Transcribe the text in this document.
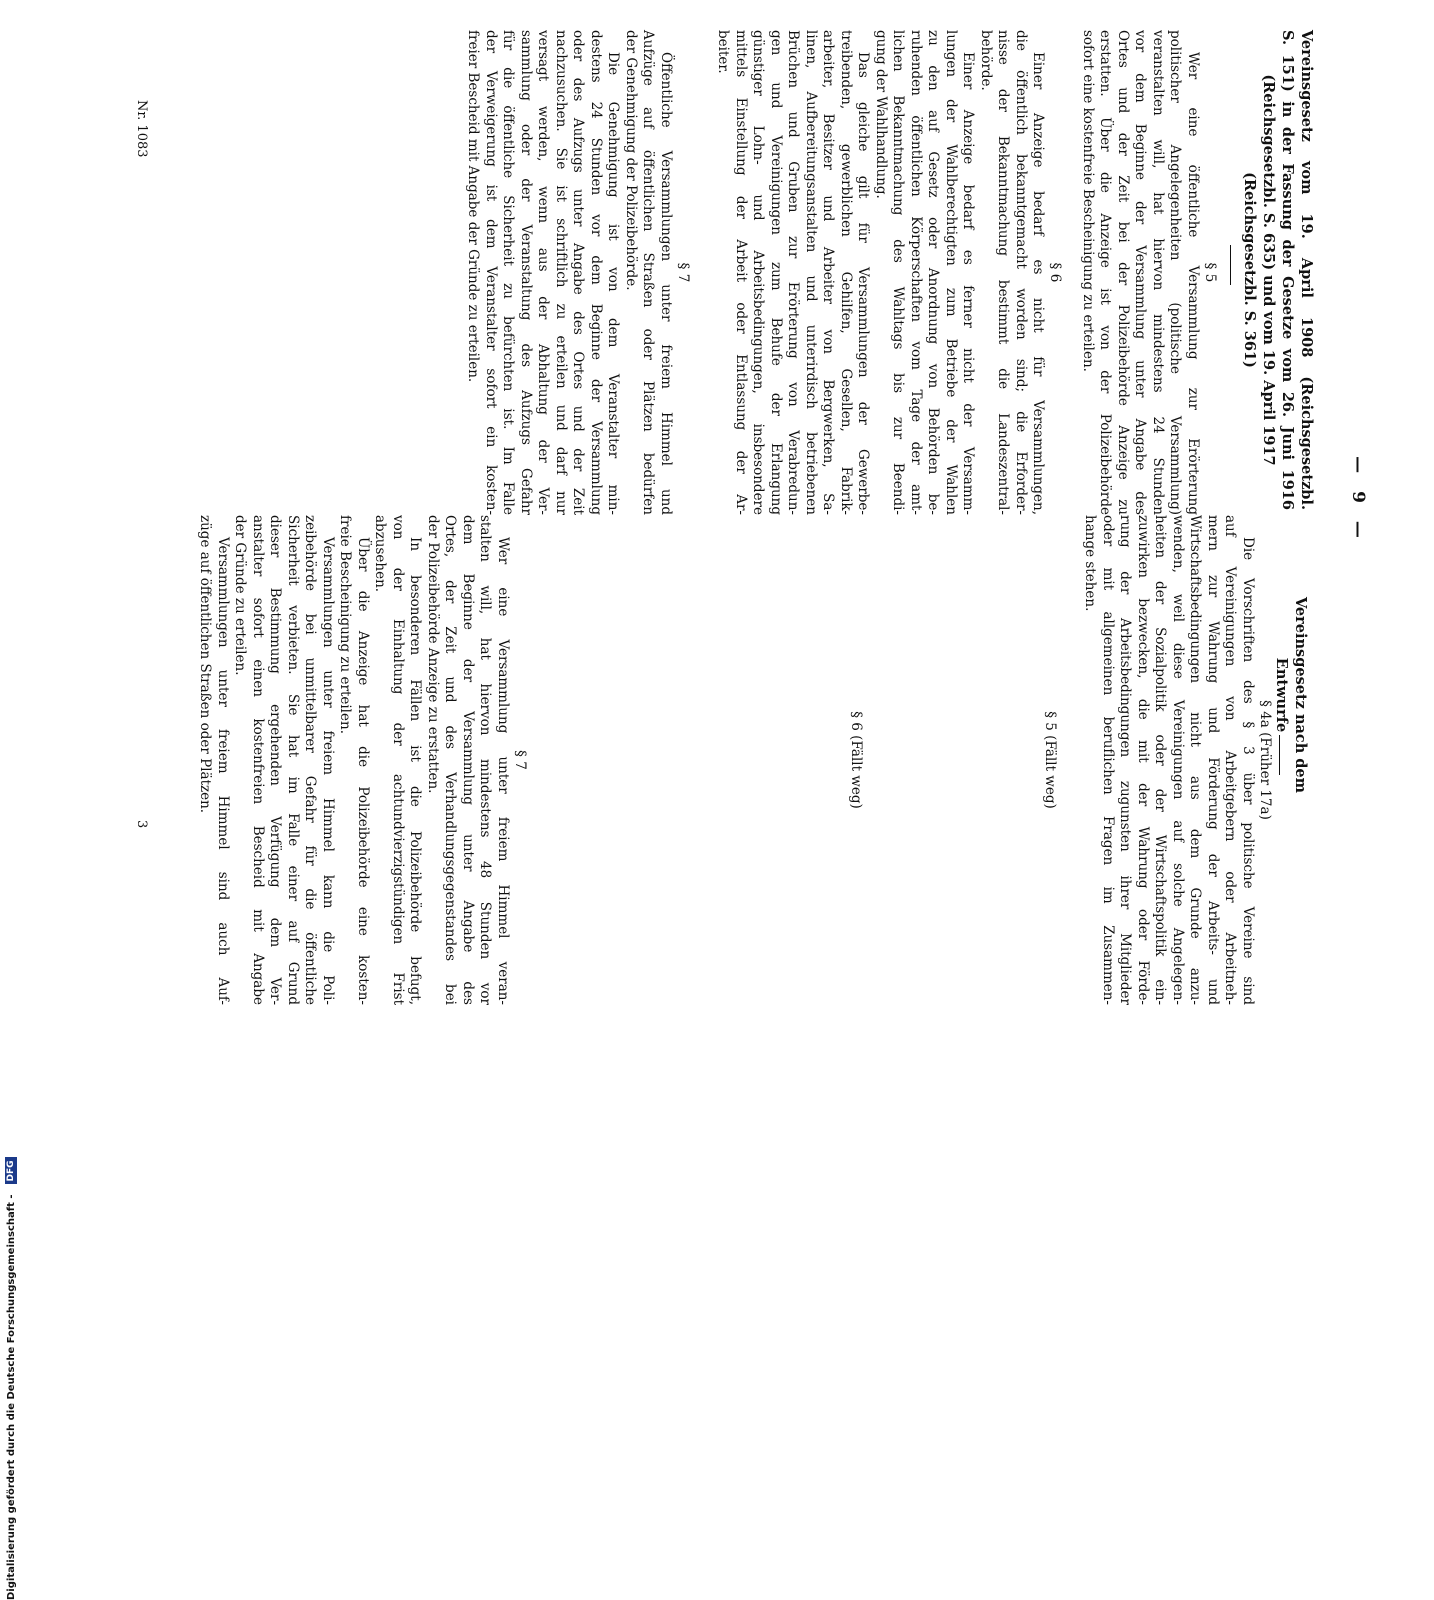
— 9 —
Vereinsgesetz vom 19. April 1908 (Reichsgesetzbl.
S. 151) in der Fassung der Gesetze vom 26. Juni 1916
(Reichsgesetzbl. S. 635) und vom 19. April 1917
(Reichsgesetzbl. S. 361)
Vereinsgesetz nach dem Entwurfe
§ 5
Wer eine öffentliche Versammlung zur Erörterung
politischer Angelegenheiten (politische Versammlung)
veranstalten will, hat hiervon mindestens 24 Stunden
vor dem Beginne der Versammlung unter Angabe des
Ortes und der Zeit bei der Polizeibehörde Anzeige zu
erstatten. Über die Anzeige ist von der Polizeibehörde
sofort eine kostenfreie Bescheinigung zu erteilen.
§ 6
Einer Anzeige bedarf es nicht für Versammlungen,
die öffentlich bekanntgemacht worden sind; die Erforder-
nisse der Bekanntmachung bestimmt die Landeszentral-
behörde.
Einer Anzeige bedarf es ferner nicht der Versamm-
lungen der Wahlberechtigten zum Betriebe der Wahlen
zu den auf Gesetz oder Anordnung von Behörden be-
ruhenden öffentlichen Körperschaften vom Tage der amt-
lichen Bekanntmachung des Wahltags bis zur Beendi-
gung der Wahlhandlung.
Das gleiche gilt für Versammlungen der Gewerbe-
treibenden, gewerblichen Gehilfen, Gesellen, Fabrik-
arbeiter, Besitzer und Arbeiter von Bergwerken, Sa-
linen, Aufbereitungsanstalten und unterirdisch betriebenen
Brüchen und Gruben zur Erörterung von Verabredun-
gen und Vereinigungen zum Behufe der Erlangung
günstiger Lohn- und Arbeitsbedingungen, insbesondere
mittels Einstellung der Arbeit oder Entlassung der Ar-
beiter.
§ 7
Öffentliche Versammlungen unter freiem Himmel und
Aufzüge auf öffentlichen Straßen oder Plätzen bedürfen
der Genehmigung der Polizeibehörde.
Die Genehmigung ist von dem Veranstalter min-
destens 24 Stunden vor dem Beginne der Versammlung
oder des Aufzugs unter Angabe des Ortes und der Zeit
nachzusuchen. Sie ist schriftlich zu erteilen und darf nur
versagt werden, wenn aus der Abhaltung der Ver-
sammlung oder der Veranstaltung des Aufzugs Gefahr
für die öffentliche Sicherheit zu befürchten ist. Im Falle
der Verweigerung ist dem Veranstalter sofort ein kosten-
freier Bescheid mit Angabe der Gründe zu erteilen.
§ 4a (Früher 17a)
Die Vorschriften des § 3 über politische Vereine sind
auf Vereinigungen von Arbeitgebern oder Arbeitneh-
mern zur Wahrung und Förderung der Arbeits- und
Wirtschaftsbedingungen nicht aus dem Grunde anzu-
wenden, weil diese Vereinigungen auf solche Angelegen-
heiten der Sozialpolitik oder der Wirtschaftspolitik ein-
zuwirken bezwecken, die mit der Wahrung oder Förde-
rung der Arbeitsbedingungen zugunsten ihrer Mitglieder
oder mit allgemeinen beruflichen Fragen im Zusammen-
hange stehen.
§ 5 (Fällt weg)
§ 6 (Fällt weg)
§ 7
Wer eine Versammlung unter freiem Himmel veran-
stalten will, hat hiervon mindestens 48 Stunden vor
dem Beginne der Versammlung unter Angabe des
Ortes, der Zeit und des Verhandlungsgegenstandes bei
der Polizeibehörde Anzeige zu erstatten.
In besonderen Fällen ist die Polizeibehörde befugt,
von der Einhaltung der achtundvierzigstündigen Frist
abzusehen.
Über die Anzeige hat die Polizeibehörde eine kosten-
freie Bescheinigung zu erteilen.
Versammlungen unter freiem Himmel kann die Poli-
zeibehörde bei unmittelbarer Gefahr für die öffentliche
Sicherheit verbieten. Sie hat im Falle einer auf Grund
dieser Bestimmung ergehenden Verfügung dem Ver-
anstalter sofort einen kostenfreien Bescheid mit Angabe
der Gründe zu erteilen.
Versammlungen unter freiem Himmel sind auch Auf-
züge auf öffentlichen Straßen oder Plätzen.
Nr. 1083
3
Digitalisierung gefördert durch die Deutsche Forschungsgemeinschaft -
DFG
